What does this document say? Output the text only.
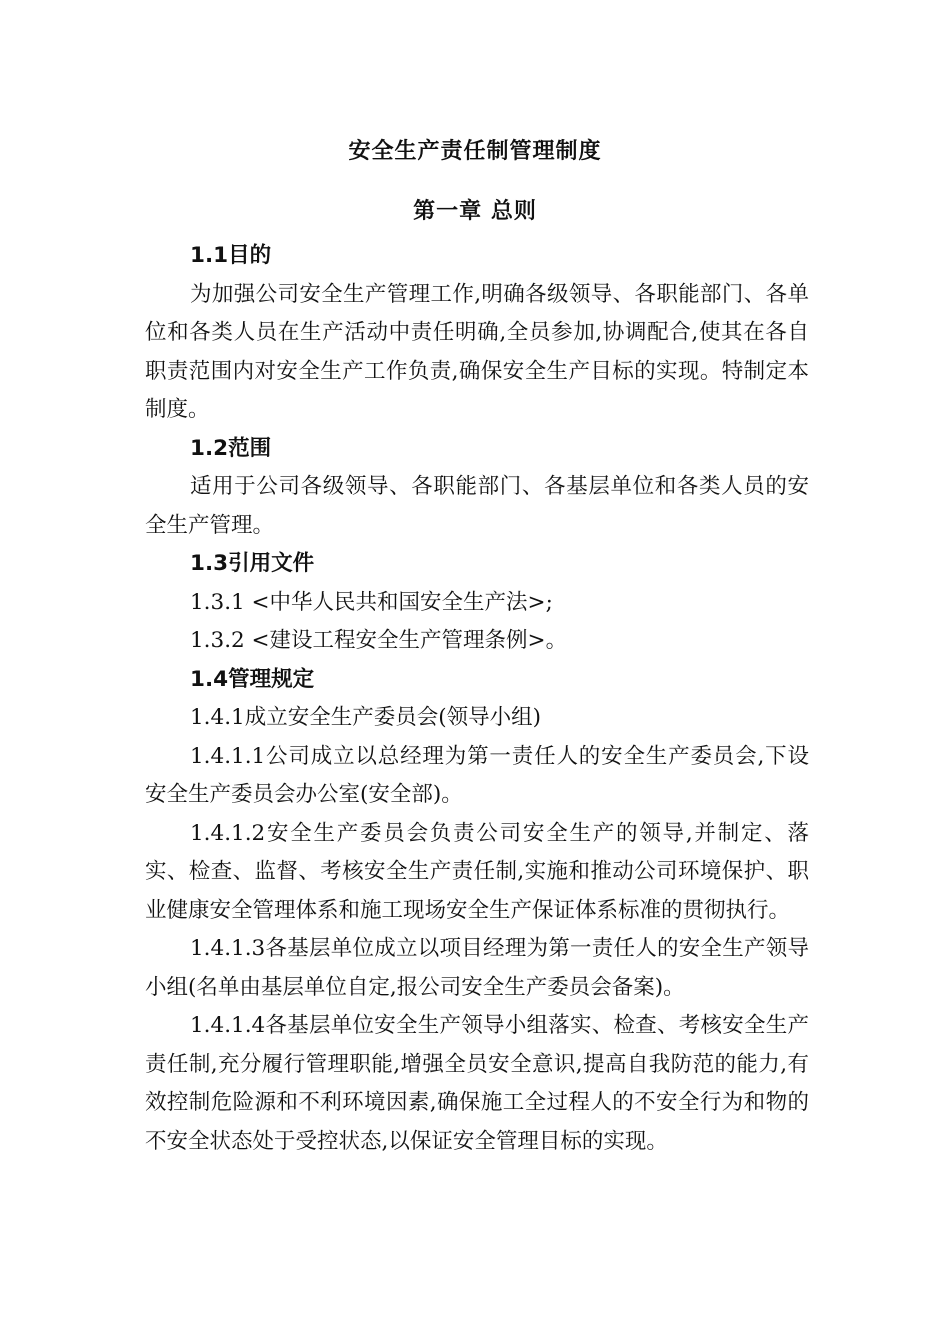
安全生产责任制管理制度
第一章 总则

1.1目的

为加强公司安全生产管理工作,明确各级领导、各职能部门、各单位和各类人员在生产活动中责任明确,全员参加,协调配合,使其在各自职责范围内对安全生产工作负责,确保安全生产目标的实现。特制定本制度。

1.2范围

适用于公司各级领导、各职能部门、各基层单位和各类人员的安全生产管理。

1.3引用文件

1.3.1 <中华人民共和国安全生产法>;

1.3.2 <建设工程安全生产管理条例>。

1.4管理规定

1.4.1成立安全生产委员会(领导小组)

1.4.1.1公司成立以总经理为第一责任人的安全生产委员会,下设安全生产委员会办公室(安全部)。

1.4.1.2安全生产委员会负责公司安全生产的领导,并制定、落实、检查、监督、考核安全生产责任制,实施和推动公司环境保护、职业健康安全管理体系和施工现场安全生产保证体系标准的贯彻执行。

1.4.1.3各基层单位成立以项目经理为第一责任人的安全生产领导小组(名单由基层单位自定,报公司安全生产委员会备案)。

1.4.1.4各基层单位安全生产领导小组落实、检查、考核安全生产责任制,充分履行管理职能,增强全员安全意识,提高自我防范的能力,有效控制危险源和不利环境因素,确保施工全过程人的不安全行为和物的不安全状态处于受控状态,以保证安全管理目标的实现。
